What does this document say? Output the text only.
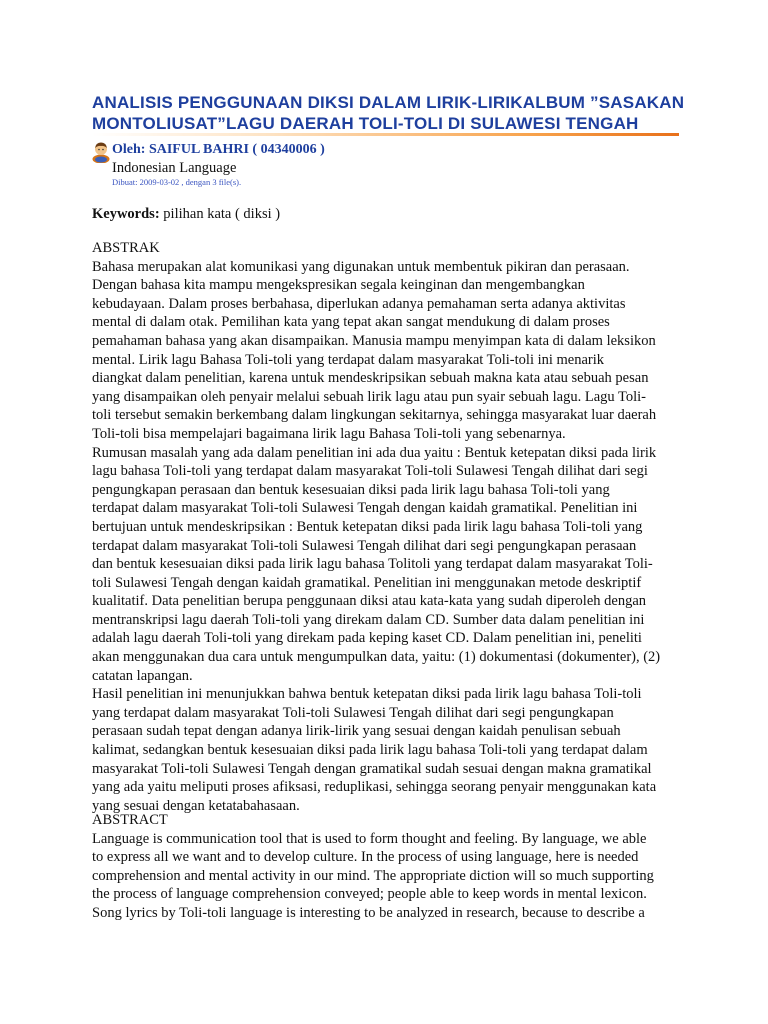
ANALISIS PENGGUNAAN DIKSI DALAM LIRIK-LIRIKALBUM ”SASAKAN
MONTOLIUSAT”LAGU DAERAH TOLI-TOLI DI SULAWESI TENGAH
Oleh: SAIFUL BAHRI ( 04340006 )
Indonesian Language
Dibuat: 2009-03-02 , dengan 3 file(s).
Keywords: pilihan kata ( diksi )
ABSTRAK
Bahasa merupakan alat komunikasi yang digunakan untuk membentuk pikiran dan perasaan.
Dengan bahasa kita mampu mengekspresikan segala keinginan dan mengembangkan
kebudayaan. Dalam proses berbahasa, diperlukan adanya pemahaman serta adanya aktivitas
mental di dalam otak. Pemilihan kata yang tepat akan sangat mendukung di dalam proses
pemahaman bahasa yang akan disampaikan. Manusia mampu menyimpan kata di dalam leksikon
mental. Lirik lagu Bahasa Toli-toli yang terdapat dalam masyarakat Toli-toli ini menarik
diangkat dalam penelitian, karena untuk mendeskripsikan sebuah makna kata atau sebuah pesan
yang disampaikan oleh penyair melalui sebuah lirik lagu atau pun syair sebuah lagu. Lagu Toli-
toli tersebut semakin berkembang dalam lingkungan sekitarnya, sehingga masyarakat luar daerah
Toli-toli bisa mempelajari bagaimana lirik lagu Bahasa Toli-toli yang sebenarnya.
Rumusan masalah yang ada dalam penelitian ini ada dua yaitu : Bentuk ketepatan diksi pada lirik
lagu bahasa Toli-toli yang terdapat dalam masyarakat Toli-toli Sulawesi Tengah dilihat dari segi
pengungkapan perasaan dan bentuk kesesuaian diksi pada lirik lagu bahasa Toli-toli yang
terdapat dalam masyarakat Toli-toli Sulawesi Tengah dengan kaidah gramatikal. Penelitian ini
bertujuan untuk mendeskripsikan : Bentuk ketepatan diksi pada lirik lagu bahasa Toli-toli yang
terdapat dalam masyarakat Toli-toli Sulawesi Tengah dilihat dari segi pengungkapan perasaan
dan bentuk kesesuaian diksi pada lirik lagu bahasa Tolitoli yang terdapat dalam masyarakat Toli-
toli Sulawesi Tengah dengan kaidah gramatikal. Penelitian ini menggunakan metode deskriptif
kualitatif. Data penelitian berupa penggunaan diksi atau kata-kata yang sudah diperoleh dengan
mentranskripsi lagu daerah Toli-toli yang direkam dalam CD. Sumber data dalam penelitian ini
adalah lagu daerah Toli-toli yang direkam pada keping kaset CD. Dalam penelitian ini, peneliti
akan menggunakan dua cara untuk mengumpulkan data, yaitu: (1) dokumentasi (dokumenter), (2)
catatan lapangan.
Hasil penelitian ini menunjukkan bahwa bentuk ketepatan diksi pada lirik lagu bahasa Toli-toli
yang terdapat dalam masyarakat Toli-toli Sulawesi Tengah dilihat dari segi pengungkapan
perasaan sudah tepat dengan adanya lirik-lirik yang sesuai dengan kaidah penulisan sebuah
kalimat, sedangkan bentuk kesesuaian diksi pada lirik lagu bahasa Toli-toli yang terdapat dalam
masyarakat Toli-toli Sulawesi Tengah dengan gramatikal sudah sesuai dengan makna gramatikal
yang ada yaitu meliputi proses afiksasi, reduplikasi, sehingga seorang penyair menggunakan kata
yang sesuai dengan ketatabahasaan.
ABSTRACT
Language is communication tool that is used to form thought and feeling. By language, we able
to express all we want and to develop culture. In the process of using language, here is needed
comprehension and mental activity in our mind. The appropriate diction will so much supporting
the process of language comprehension conveyed; people able to keep words in mental lexicon.
Song lyrics by Toli-toli language is interesting to be analyzed in research, because to describe a
